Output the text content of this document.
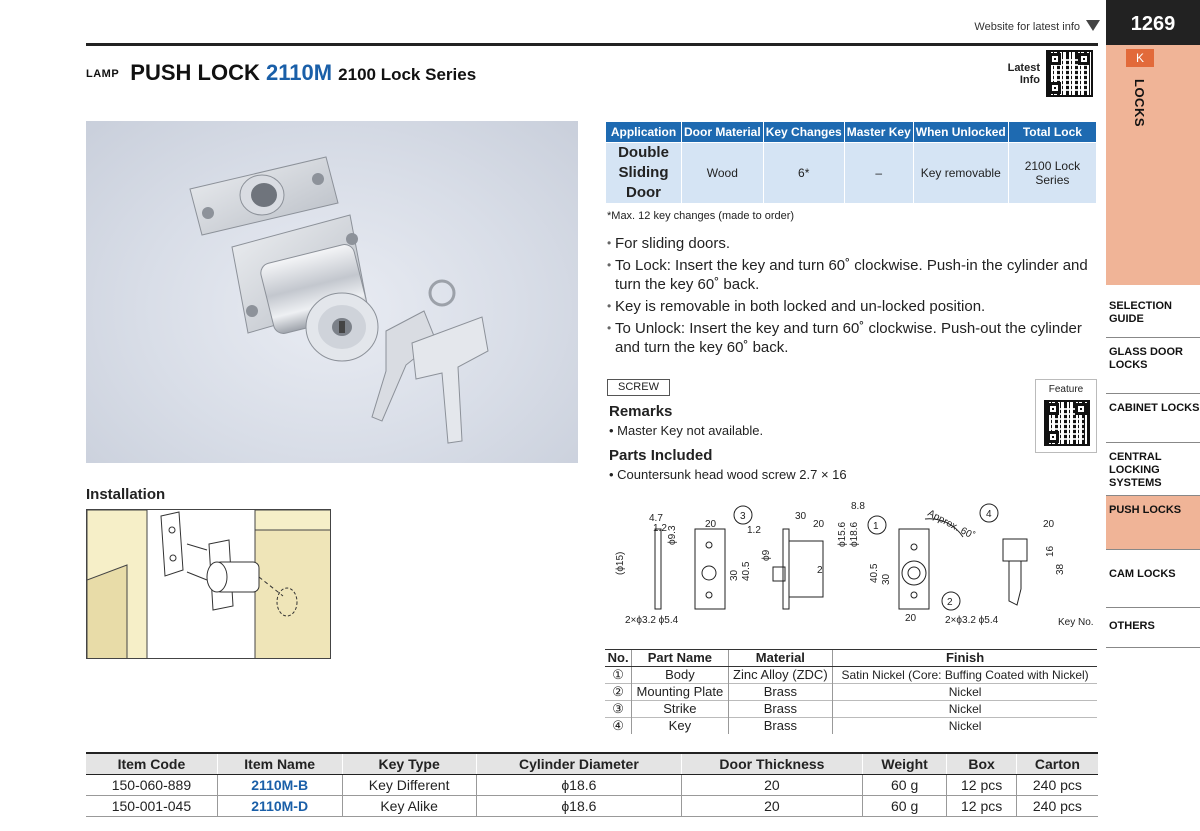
Website for latest info
LAMP PUSH LOCK 2110M 2100 Lock Series	Latest Info
1269
K
LOCKS
SELECTION GUIDE
GLASS DOOR LOCKS
CABINET LOCKS
CENTRAL LOCKING SYSTEMS
PUSH LOCKS
CAM LOCKS
OTHERS
Application	Door Material	Key Changes	Master Key	When Unlocked	Total Lock
Double Sliding Door	Wood	6*	–	Key removable	2100 Lock Series
*Max. 12 key changes (made to order)
• For sliding doors.
• To Lock: Insert the key and turn 60˚ clockwise. Push-in the cylinder and turn the key 60˚ back.
• Key is removable in both locked and un-locked position.
• To Unlock: Insert the key and turn 60˚ clockwise. Push-out the cylinder and turn the key 60˚ back.
SCREW	Feature
Remarks
• Master Key not available.
Parts Included
• Countersunk head wood screw 2.7 × 16
Installation
4.7
1.2	20
3
1.2
30
20
8.8
ϕ9.3	ϕ15.6 ϕ18.6
(ϕ15)
30 40.5
ϕ9
2
1	Approx. 60˚
40.5 30
20
2
2×ϕ3.2 ϕ5.4	2×ϕ3.2 ϕ5.4
4
20
16
38
Key No.
No.	Part Name	Material	Finish
①	Body	Zinc Alloy (ZDC)	Satin Nickel (Core: Buffing Coated with Nickel)
②	Mounting Plate	Brass	Nickel
③	Strike	Brass	Nickel
④	Key	Brass	Nickel
Item Code	Item Name	Key Type	Cylinder Diameter	Door Thickness	Weight	Box	Carton
150-060-889	2110M-B	Key Different	ϕ18.6	20	60 g	12 pcs	240 pcs
150-001-045	2110M-D	Key Alike	ϕ18.6	20	60 g	12 pcs	240 pcs
